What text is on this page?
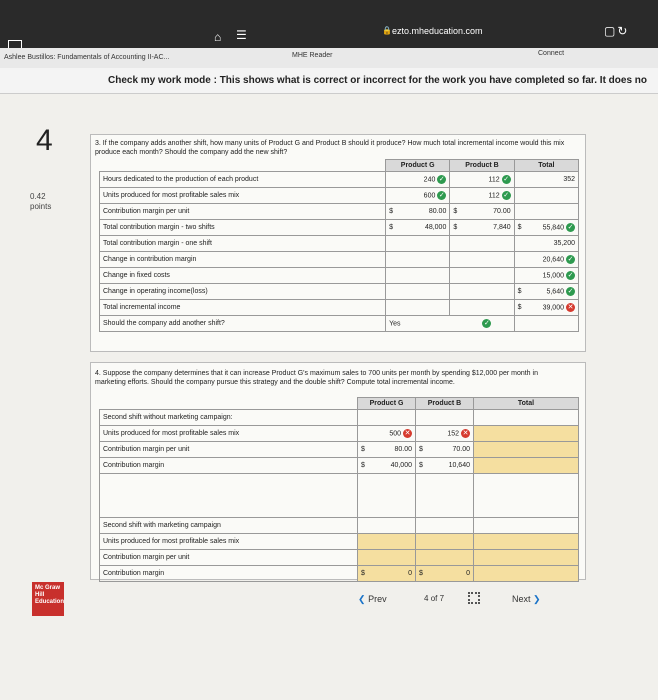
⌂ ☰	🔒 ezto.mheducation.com	▢↻
Ashlee Bustillos: Fundamentals of Accounting II-AC...	MHE Reader	Connect
Check my work mode : This shows what is correct or incorrect for the work you have completed so far. It does no
4
0.42
points
3. If the company adds another shift, how many units of Product G and Product B should it produce? How much total incremental income would this mix produce each month? Should the company add the new shift?
	Product G		Product B		Total	
Hours dedicated to the production of each product		240 ✓		112 ✓		352
Units produced for most profitable sales mix		600 ✓		112 ✓		
Contribution margin per unit	$	80.00	$	70.00		
Total contribution margin - two shifts	$	48,000	$	7,840	$	55,840 ✓
Total contribution margin - one shift						35,200
Change in contribution margin						20,640 ✓
Change in fixed costs						15,000 ✓
Change in operating income(loss)					$	5,640 ✓
Total incremental income					$	39,000 ✕
Should the company add another shift?	Yes ✓					
4. Suppose the company determines that it can increase Product G's maximum sales to 700 units per month by spending $12,000 per month in marketing efforts. Should the company pursue this strategy and the double shift? Compute total incremental income.
	Product G		Product B		Total
Second shift without marketing campaign:					
Units produced for most profitable sales mix		500 ✕		152 ✕	
Contribution margin per unit	$	80.00	$	70.00	
Contribution margin	$	40,000	$	10,640	

Second shift with marketing campaign					
Units produced for most profitable sales mix					
Contribution margin per unit					
Contribution margin	$	0	$	0	
Mc Graw Hill Education	❮ Prev	4 of 7	Next ❯
